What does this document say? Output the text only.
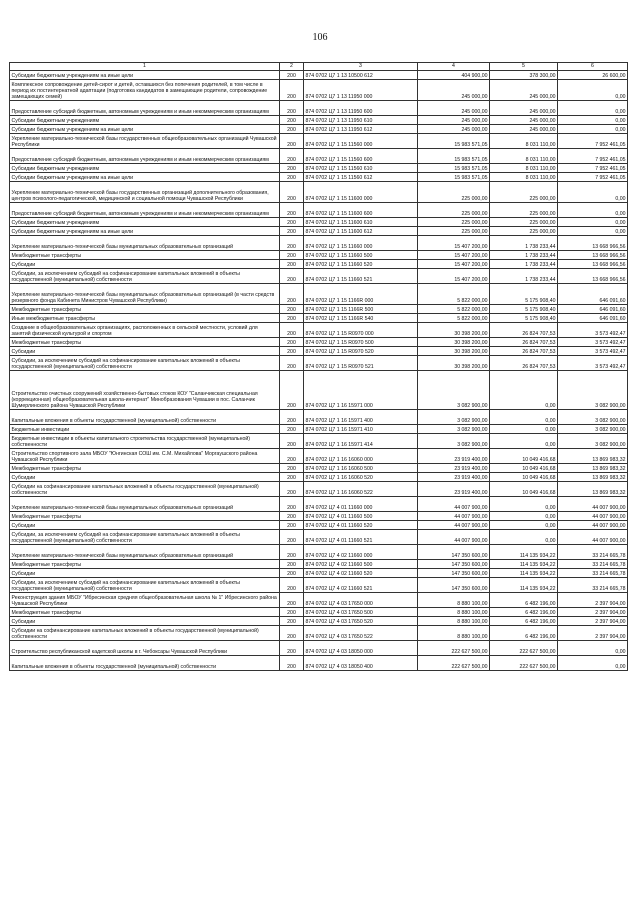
106
1	2	3	4	5	6
Субсидии бюджетным учреждениям на иные цели	200	874 0702 Ц7 1 13 10500 612	404 900,00	378 300,00	26 600,00
Комплексное сопровождение детей-сирот и детей, оставшихся без попечения родителей, в том числе в период их постинтернатной адаптации (подготовка кандидатов в замещающие родители, сопровождение замещающих семей)	200	874 0702 Ц7 1 13 11950 000	245 000,00	245 000,00	0,00
Предоставление субсидий бюджетным, автономным учреждениям и иным некоммерческим организациям	200	874 0702 Ц7 1 13 11950 600	245 000,00	245 000,00	0,00
Субсидии бюджетным учреждениям	200	874 0702 Ц7 1 13 11950 610	245 000,00	245 000,00	0,00
Субсидии бюджетным учреждениям на иные цели	200	874 0702 Ц7 1 13 11950 612	245 000,00	245 000,00	0,00
Укрепление материально-технической базы государственных общеобразовательных организаций Чувашской Республики	200	874 0702 Ц7 1 15 11560 000	15 983 571,05	8 031 110,00	7 952 461,05
Предоставление субсидий бюджетным, автономным учреждениям и иным некоммерческим организациям	200	874 0702 Ц7 1 15 11560 600	15 983 571,05	8 031 110,00	7 952 461,05
Субсидии бюджетным учреждениям	200	874 0702 Ц7 1 15 11560 610	15 983 571,05	8 031 110,00	7 952 461,05
Субсидии бюджетным учреждениям на иные цели	200	874 0702 Ц7 1 15 11560 612	15 983 571,05	8 031 110,00	7 952 461,05
Укрепление материально-технической базы государственных организаций дополнительного образования, центров психолого-педагогической, медицинской и социальной помощи Чувашской Республики	200	874 0702 Ц7 1 15 11600 000	225 000,00	225 000,00	0,00
Предоставление субсидий бюджетным, автономным учреждениям и иным некоммерческим организациям	200	874 0702 Ц7 1 15 11600 600	225 000,00	225 000,00	0,00
Субсидии бюджетным учреждениям	200	874 0702 Ц7 1 15 11600 610	225 000,00	225 000,00	0,00
Субсидии бюджетным учреждениям на иные цели	200	874 0702 Ц7 1 15 11600 612	225 000,00	225 000,00	0,00
Укрепление материально-технической базы муниципальных образовательных организаций	200	874 0702 Ц7 1 15 11660 000	15 407 200,00	1 738 233,44	13 668 966,56
Межбюджетные трансферты	200	874 0702 Ц7 1 15 11660 500	15 407 200,00	1 738 233,44	13 668 966,56
Субсидии	200	874 0702 Ц7 1 15 11660 520	15 407 200,00	1 738 233,44	13 668 966,56
Субсидии, за исключением субсидий на софинансирование капитальных вложений в объекты государственной (муниципальной) собственности	200	874 0702 Ц7 1 15 11660 521	15 407 200,00	1 738 233,44	13 668 966,56
Укрепление материально-технической базы муниципальных образовательных организаций (в части средств резервного фонда Кабинета Министров Чувашской Республики)	200	874 0702 Ц7 1 15 1166R 000	5 822 000,00	5 175 908,40	646 091,60
Межбюджетные трансферты	200	874 0702 Ц7 1 15 1166R 500	5 822 000,00	5 175 908,40	646 091,60
Иные межбюджетные трансферты	200	874 0702 Ц7 1 15 1166R 540	5 822 000,00	5 175 908,40	646 091,60
Создание в общеобразовательных организациях, расположенных в сельской местности, условий для занятий физической культурой и спортом	200	874 0702 Ц7 1 15 R0970 000	30 398 200,00	26 824 707,53	3 573 492,47
Межбюджетные трансферты	200	874 0702 Ц7 1 15 R0970 500	30 398 200,00	26 824 707,53	3 573 492,47
Субсидии	200	874 0702 Ц7 1 15 R0970 520	30 398 200,00	26 824 707,53	3 573 492,47
Субсидии, за исключением субсидий на софинансирование капитальных вложений в объекты государственной (муниципальной) собственности	200	874 0702 Ц7 1 15 R0970 521	30 398 200,00	26 824 707,53	3 573 492,47
Строительство очистных сооружений хозяйственно-бытовых стоков КОУ "Саланчикская специальная (коррекционная) общеобразовательная школа-интернат" Минобразования Чувашии в пос. Саланчик Шумерлинского района Чувашской Республики	200	874 0702 Ц7 1 16 15971 000	3 082 900,00	0,00	3 082 900,00
Капитальные вложения в объекты государственной (муниципальной) собственности	200	874 0702 Ц7 1 16 15971 400	3 082 900,00	0,00	3 082 900,00
Бюджетные инвестиции	200	874 0702 Ц7 1 16 15971 410	3 082 900,00	0,00	3 082 900,00
Бюджетные инвестиции в объекты капитального строительства государственной (муниципальной) собственности	200	874 0702 Ц7 1 16 15971 414	3 082 900,00	0,00	3 082 900,00
Строительство спортивного зала МБОУ "Юнгинская СОШ им. С.М. Михайлова" Моргаушского района Чувашской Республики	200	874 0702 Ц7 1 16 16060 000	23 919 400,00	10 049 416,68	13 869 983,32
Межбюджетные трансферты	200	874 0702 Ц7 1 16 16060 500	23 919 400,00	10 049 416,68	13 869 983,32
Субсидии	200	874 0702 Ц7 1 16 16060 520	23 919 400,00	10 049 416,68	13 869 983,32
Субсидии на софинансирование капитальных вложений в объекты государственной (муниципальной) собственности	200	874 0702 Ц7 1 16 16060 522	23 919 400,00	10 049 416,68	13 869 983,32
Укрепление материально-технической базы муниципальных образовательных организаций	200	874 0702 Ц7 4 01 11660 000	44 007 900,00	0,00	44 007 900,00
Межбюджетные трансферты	200	874 0702 Ц7 4 01 11660 500	44 007 900,00	0,00	44 007 900,00
Субсидии	200	874 0702 Ц7 4 01 11660 520	44 007 900,00	0,00	44 007 900,00
Субсидии, за исключением субсидий на софинансирование капитальных вложений в объекты государственной (муниципальной) собственности	200	874 0702 Ц7 4 01 11660 521	44 007 900,00	0,00	44 007 900,00
Укрепление материально-технической базы муниципальных образовательных организаций	200	874 0702 Ц7 4 02 11660 000	147 350 600,00	114 135 934,22	33 214 665,78
Межбюджетные трансферты	200	874 0702 Ц7 4 02 11660 500	147 350 600,00	114 135 934,22	33 214 665,78
Субсидии	200	874 0702 Ц7 4 02 11660 520	147 350 600,00	114 135 934,22	33 214 665,78
Субсидии, за исключением субсидий на софинансирование капитальных вложений в объекты государственной (муниципальной) собственности	200	874 0702 Ц7 4 02 11660 521	147 350 600,00	114 135 934,22	33 214 665,78
Реконструкция здания МБОУ "Ибресинская средняя общеобразовательная школа № 1" Ибресинского района Чувашской Республики	200	874 0702 Ц7 4 03 17650 000	8 880 100,00	6 482 196,00	2 397 904,00
Межбюджетные трансферты	200	874 0702 Ц7 4 03 17650 500	8 880 100,00	6 482 196,00	2 397 904,00
Субсидии	200	874 0702 Ц7 4 03 17650 520	8 880 100,00	6 482 196,00	2 397 904,00
Субсидии на софинансирование капитальных вложений в объекты государственной (муниципальной) собственности	200	874 0702 Ц7 4 03 17650 522	8 880 100,00	6 482 196,00	2 397 904,00
Строительство республиканской кадетской школы в г. Чебоксары Чувашской Республики	200	874 0702 Ц7 4 03 18050 000	222 627 500,00	222 627 500,00	0,00
Капитальные вложения в объекты государственной (муниципальной) собственности	200	874 0702 Ц7 4 03 18050 400	222 627 500,00	222 627 500,00	0,00
